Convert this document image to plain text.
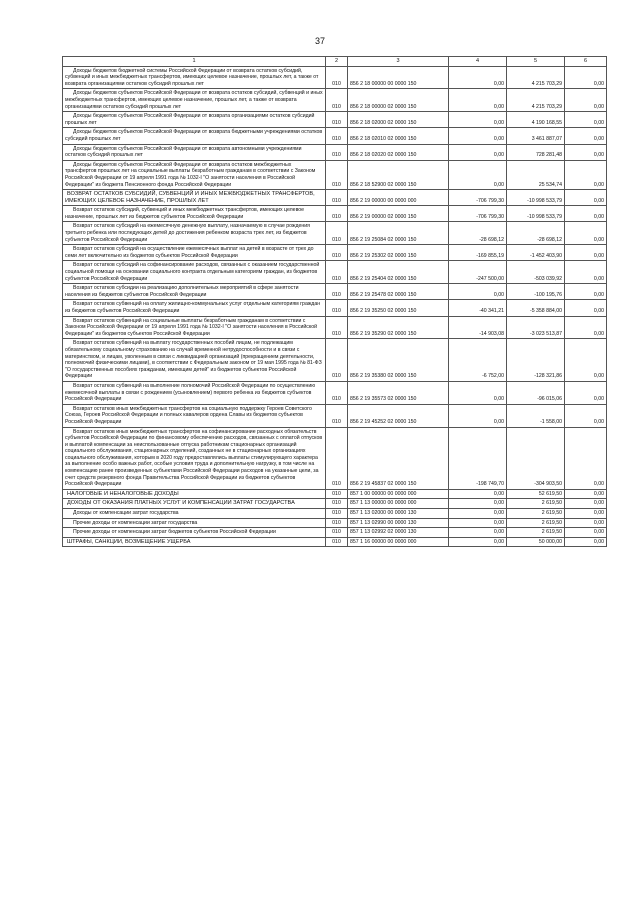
37
1	2	3	4	5	6
Доходы бюджетов бюджетной системы Российской Федерации от возврата остатков субсидий, субвенций и иных межбюджетных трансфертов, имеющих целевое назначение, прошлых лет, а также от возврата организациями остатков субсидий прошлых лет	010	856 2 18 00000 00 0000 150	0,00	4 215 703,29	0,00
Доходы бюджетов субъектов Российской Федерации от возврата остатков субсидий, субвенций и иных межбюджетных трансфертов, имеющих целевое назначение, прошлых лет, а также от возврата организациями остатков субсидий прошлых лет	010	856 2 18 00000 02 0000 150	0,00	4 215 703,29	0,00
Доходы бюджетов субъектов Российской Федерации от возврата организациями остатков субсидий прошлых лет	010	856 2 18 02000 02 0000 150	0,00	4 190 168,55	0,00
Доходы бюджетов субъектов Российской Федерации от возврата бюджетными учреждениями остатков субсидий прошлых лет	010	856 2 18 02010 02 0000 150	0,00	3 461 887,07	0,00
Доходы бюджетов субъектов Российской Федерации от возврата автономными учреждениями остатков субсидий прошлых лет	010	856 2 18 02020 02 0000 150	0,00	728 281,48	0,00
Доходы бюджетов субъектов Российской Федерации от возврата остатков межбюджетных трансфертов прошлых лет на социальные выплаты безработным гражданам в соответствии с Законом Российской Федерации от 19 апреля 1991 года № 1032-I "О занятости населения в Российской Федерации" из бюджета Пенсионного фонда Российской Федерации	010	856 2 18 52900 02 0000 150	0,00	25 534,74	0,00
ВОЗВРАТ ОСТАТКОВ СУБСИДИЙ, СУБВЕНЦИЙ И ИНЫХ МЕЖБЮДЖЕТНЫХ ТРАНСФЕРТОВ, ИМЕЮЩИХ ЦЕЛЕВОЕ НАЗНАЧЕНИЕ, ПРОШЛЫХ ЛЕТ	010	856 2 19 00000 00 0000 000	-706 799,30	-10 998 533,79	0,00
Возврат остатков субсидий, субвенций и иных межбюджетных трансфертов, имеющих целевое назначение, прошлых лет из бюджетов субъектов Российской Федерации	010	856 2 19 00000 02 0000 150	-706 799,30	-10 998 533,79	0,00
Возврат остатков субсидий на ежемесячную денежную выплату, назначаемую в случае рождения третьего ребенка или последующих детей до достижения ребенком возраста трех лет, из бюджетов субъектов Российской Федерации	010	856 2 19 25084 02 0000 150	-28 698,12	-28 698,12	0,00
Возврат остатков субсидий на осуществление ежемесячных выплат на детей в возрасте от трех до семи лет включительно из бюджетов субъектов Российской Федерации	010	856 2 19 25302 02 0000 150	-169 855,19	-1 452 403,90	0,00
Возврат остатков субсидий на софинансирование расходов, связанных с оказанием государственной социальной помощи на основании социального контракта отдельным категориям граждан, из бюджетов субъектов Российской Федерации	010	856 2 19 25404 02 0000 150	-247 500,00	-503 039,92	0,00
Возврат остатков субсидии на реализацию дополнительных мероприятий в сфере занятости населения из бюджетов субъектов Российской Федерации	010	856 2 19 25478 02 0000 150	0,00	-100 195,76	0,00
Возврат остатков субвенций на оплату жилищно-коммунальных услуг отдельным категориям граждан из бюджетов субъектов Российской Федерации	010	856 2 19 35250 02 0000 150	-40 341,21	-5 358 884,00	0,00
Возврат остатков субвенций на социальные выплаты безработным гражданам в соответствии с Законом Российской Федерации от 19 апреля 1991 года № 1032-I "О занятости населения в Российской Федерации" из бюджетов субъектов Российской Федерации	010	856 2 19 35290 02 0000 150	-14 903,08	-3 023 513,87	0,00
Возврат остатков субвенций на выплату государственных пособий лицам, не подлежащим обязательному социальному страхованию на случай временной нетрудоспособности и в связи с материнством, и лицам, уволенным в связи с ликвидацией организаций (прекращением деятельности, полномочий физическими лицами), в соответствии с Федеральным законом от 19 мая 1995 года № 81-ФЗ "О государственных пособиях гражданам, имеющим детей" из бюджетов субъектов Российской Федерации	010	856 2 19 35380 02 0000 150	-6 752,00	-128 321,86	0,00
Возврат остатков субвенций на выполнение полномочий Российской Федерации по осуществлению ежемесячной выплаты в связи с рождением (усыновлением) первого ребенка из бюджетов субъектов Российской Федерации	010	856 2 19 35573 02 0000 150	0,00	-96 015,06	0,00
Возврат остатков иных межбюджетных трансфертов на социальную поддержку Героев Советского Союза, Героев Российской Федерации и полных кавалеров ордена Славы из бюджетов субъектов Российской Федерации	010	856 2 19 45252 02 0000 150	0,00	-1 558,00	0,00
Возврат остатков иных межбюджетных трансфертов на софинансирование расходных обязательств субъектов Российской Федерации по финансовому обеспечению расходов, связанных с оплатой отпусков и выплатой компенсации за неиспользованные отпуска работникам стационарных организаций социального обслуживания, стационарных отделений, созданных не в стационарных организациях социального обслуживания, которым в 2020 году предоставлялись выплаты стимулирующего характера за выполнение особо важных работ, особые условия труда и дополнительную нагрузку, в том числе на компенсацию ранее произведенных субъектами Российской Федерации расходов на указанные цели, за счет средств резервного фонда Правительства Российской Федерации из бюджетов субъектов Российской Федерации	010	856 2 19 45837 02 0000 150	-198 749,70	-304 903,50	0,00
НАЛОГОВЫЕ И НЕНАЛОГОВЫЕ ДОХОДЫ	010	857 1 00 00000 00 0000 000	0,00	52 619,50	0,00
ДОХОДЫ ОТ ОКАЗАНИЯ ПЛАТНЫХ УСЛУГ И КОМПЕНСАЦИИ ЗАТРАТ ГОСУДАРСТВА	010	857 1 13 00000 00 0000 000	0,00	2 619,50	0,00
Доходы от компенсации затрат государства	010	857 1 13 02000 00 0000 130	0,00	2 619,50	0,00
Прочие доходы от компенсации затрат государства	010	857 1 13 02990 00 0000 130	0,00	2 619,50	0,00
Прочие доходы от компенсации затрат бюджетов субъектов Российской Федерации	010	857 1 13 02992 02 0000 130	0,00	2 619,50	0,00
ШТРАФЫ, САНКЦИИ, ВОЗМЕЩЕНИЕ УЩЕРБА	010	857 1 16 00000 00 0000 000	0,00	50 000,00	0,00
